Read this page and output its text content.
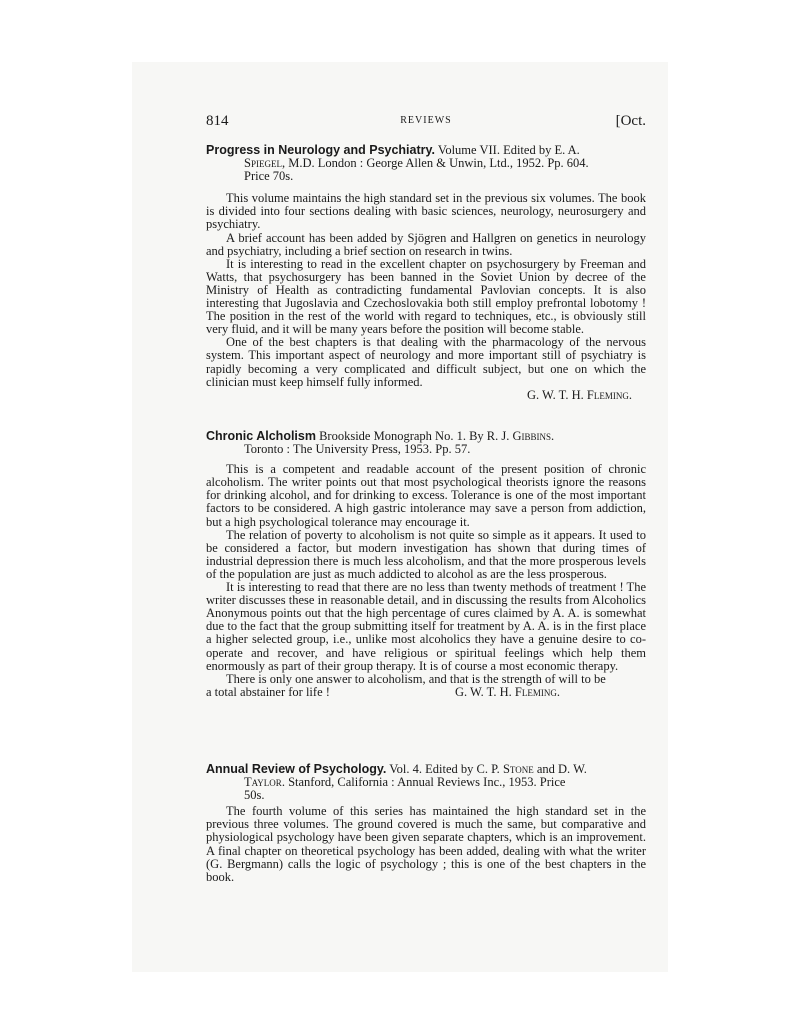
814	REVIEWS	[Oct.

Progress in Neurology and Psychiatry. Volume VII. Edited by E. A.
Spiegel, M.D. London : George Allen & Unwin, Ltd., 1952. Pp. 604.
Price 70s.

This volume maintains the high standard set in the previous six volumes. The book is divided into four sections dealing with basic sciences, neurology, neurosurgery and psychiatry.

A brief account has been added by Sjögren and Hallgren on genetics in neurology and psychiatry, including a brief section on research in twins.

It is interesting to read in the excellent chapter on psychosurgery by Freeman and Watts, that psychosurgery has been banned in the Soviet Union by decree of the Ministry of Health as contradicting fundamental Pavlovian concepts. It is also interesting that Jugoslavia and Czechoslovakia both still employ prefrontal lobotomy ! The position in the rest of the world with regard to techniques, etc., is obviously still very fluid, and it will be many years before the position will become stable.

One of the best chapters is that dealing with the pharmacology of the nervous system. This important aspect of neurology and more important still of psychiatry is rapidly becoming a very complicated and difficult subject, but one on which the clinician must keep himself fully informed.

G. W. T. H. Fleming.

Chronic Alcholism Brookside Monograph No. 1. By R. J. Gibbins.
Toronto : The University Press, 1953. Pp. 57.

This is a competent and readable account of the present position of chronic alcoholism. The writer points out that most psychological theorists ignore the reasons for drinking alcohol, and for drinking to excess. Tolerance is one of the most important factors to be considered. A high gastric intolerance may save a person from addiction, but a high psychological tolerance may encourage it.

The relation of poverty to alcoholism is not quite so simple as it appears. It used to be considered a factor, but modern investigation has shown that during times of industrial depression there is much less alcoholism, and that the more prosperous levels of the population are just as much addicted to alcohol as are the less prosperous.

It is interesting to read that there are no less than twenty methods of treatment ! The writer discusses these in reasonable detail, and in discussing the results from Alcoholics Anonymous points out that the high percentage of cures claimed by A. A. is somewhat due to the fact that the group submitting itself for treatment by A. A. is in the first place a higher selected group, i.e., unlike most alcoholics they have a genuine desire to co-operate and recover, and have religious or spiritual feelings which help them enormously as part of their group therapy. It is of course a most economic therapy.

There is only one answer to alcoholism, and that is the strength of will to be

a total abstainer for life !	G. W. T. H. Fleming.

Annual Review of Psychology. Vol. 4. Edited by C. P. Stone and D. W.
Taylor. Stanford, California : Annual Reviews Inc., 1953. Price
50s.

The fourth volume of this series has maintained the high standard set in the previous three volumes. The ground covered is much the same, but comparative and physiological psychology have been given separate chapters, which is an improvement. A final chapter on theoretical psychology has been added, dealing with what the writer (G. Bergmann) calls the logic of psychology ; this is one of the best chapters in the book.
